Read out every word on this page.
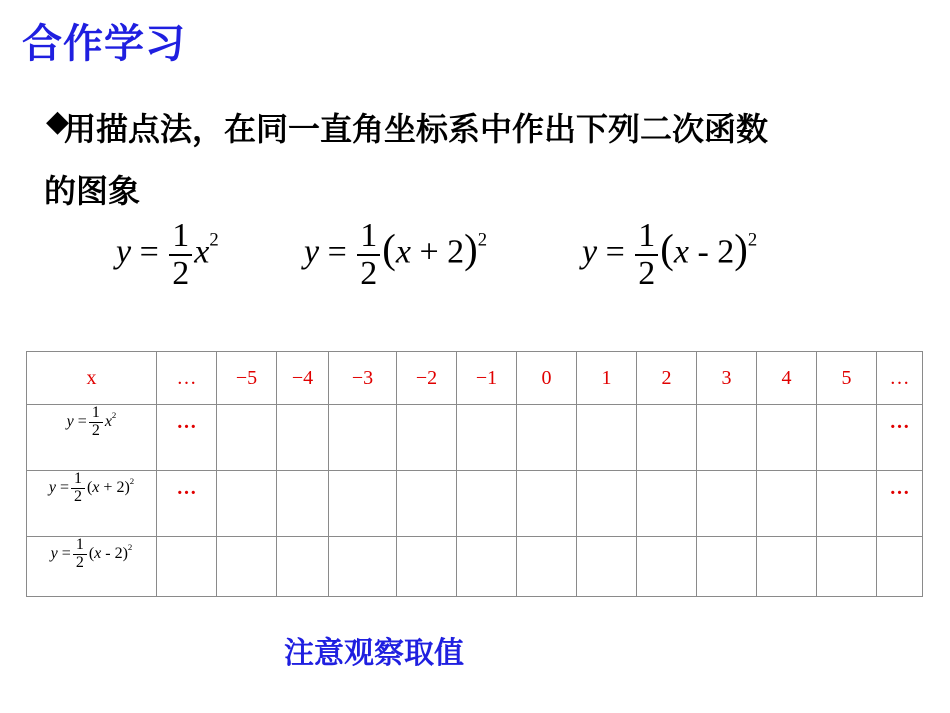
合作学习
◆
用描点法，在同一直角坐标系中作出下列二次函数
的图象
$y = \frac{1}{2} x^2$	$y = \frac{1}{2} (x + 2)^2$	$y = \frac{1}{2} (x - 2)^2$
x	…	−5	−4	−3	−2	−1	0	1	2	3	4	5	…
$y = \frac{1}{2} x^2$	…												…
$y = \frac{1}{2} (x + 2)^2$	…												…
$y = \frac{1}{2} (x - 2)^2$													
注意观察取值
